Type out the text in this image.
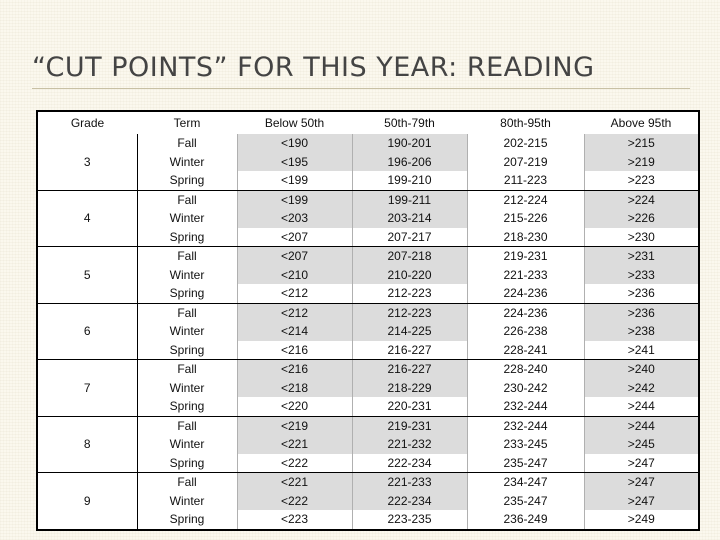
“CUT POINTS” FOR THIS YEAR: READING
Grade	Term	Below 50th	50th-79th	80th-95th	Above 95th
3	Fall	<190	190-201	202-215	>215
	Winter	<195	196-206	207-219	>219
	Spring	<199	199-210	211-223	>223
4	Fall	<199	199-211	212-224	>224
	Winter	<203	203-214	215-226	>226
	Spring	<207	207-217	218-230	>230
5	Fall	<207	207-218	219-231	>231
	Winter	<210	210-220	221-233	>233
	Spring	<212	212-223	224-236	>236
6	Fall	<212	212-223	224-236	>236
	Winter	<214	214-225	226-238	>238
	Spring	<216	216-227	228-241	>241
7	Fall	<216	216-227	228-240	>240
	Winter	<218	218-229	230-242	>242
	Spring	<220	220-231	232-244	>244
8	Fall	<219	219-231	232-244	>244
	Winter	<221	221-232	233-245	>245
	Spring	<222	222-234	235-247	>247
9	Fall	<221	221-233	234-247	>247
	Winter	<222	222-234	235-247	>247
	Spring	<223	223-235	236-249	>249
